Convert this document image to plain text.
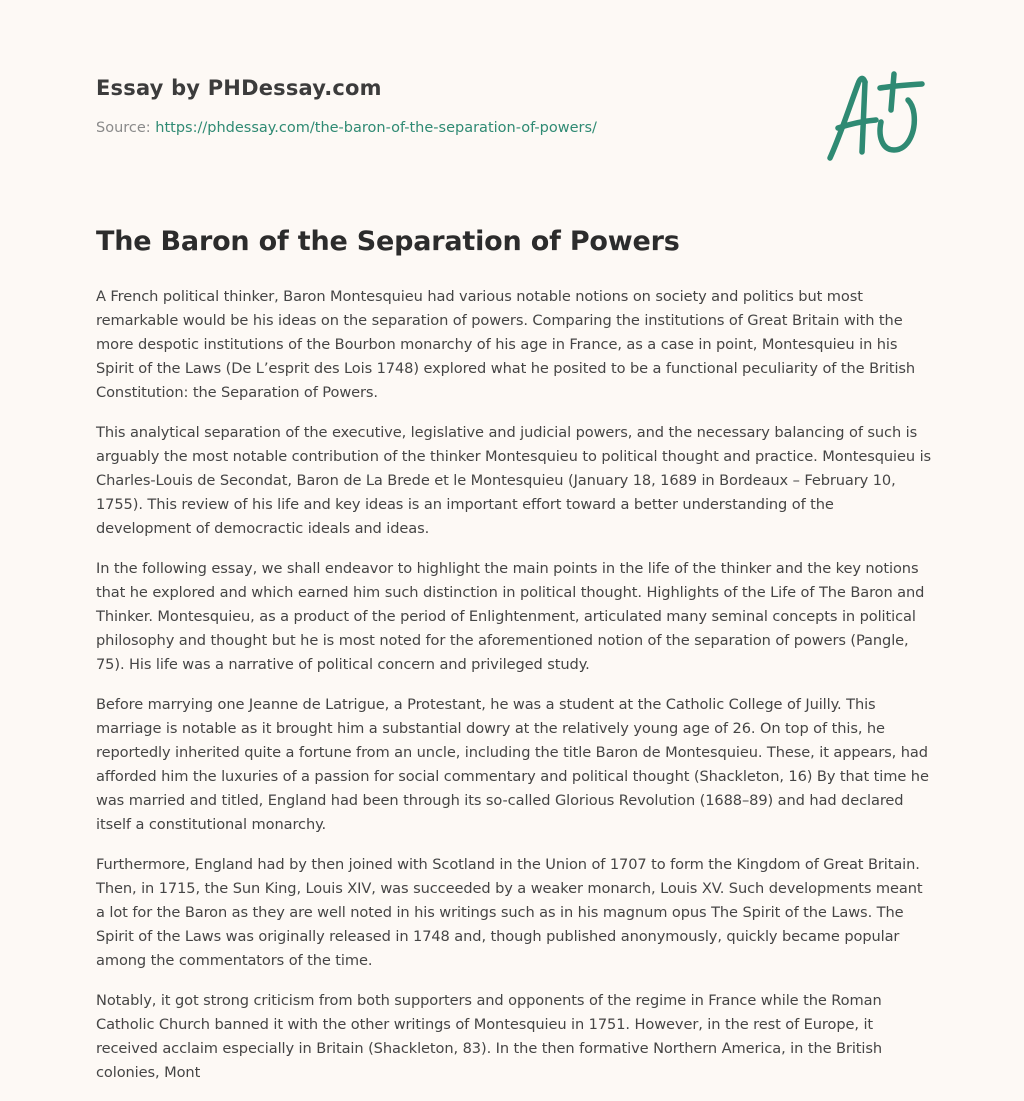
Essay by PHDessay.com
Source: https://phdessay.com/the-baron-of-the-separation-of-powers/
The Baron of the Separation of Powers

A French political thinker, Baron Montesquieu had various notable notions on society and politics but most remarkable would be his ideas on the separation of powers. Comparing the institutions of Great Britain with the more despotic institutions of the Bourbon monarchy of his age in France, as a case in point, Montesquieu in his Spirit of the Laws (De L’esprit des Lois 1748) explored what he posited to be a functional peculiarity of the British Constitution: the Separation of Powers.

This analytical separation of the executive, legislative and judicial powers, and the necessary balancing of such is arguably the most notable contribution of the thinker Montesquieu to political thought and practice. Montesquieu is Charles-Louis de Secondat, Baron de La Brede et le Montesquieu (January 18, 1689 in Bordeaux – February 10, 1755). This review of his life and key ideas is an important effort toward a better understanding of the development of democractic ideals and ideas.

In the following essay, we shall endeavor to highlight the main points in the life of the thinker and the key notions that he explored and which earned him such distinction in political thought. Highlights of the Life of The Baron and Thinker. Montesquieu, as a product of the period of Enlightenment, articulated many seminal concepts in political philosophy and thought but he is most noted for the aforementioned notion of the separation of powers (Pangle, 75). His life was a narrative of political concern and privileged study.

Before marrying one Jeanne de Latrigue, a Protestant, he was a student at the Catholic College of Juilly. This marriage is notable as it brought him a substantial dowry at the relatively young age of 26. On top of this, he reportedly inherited quite a fortune from an uncle, including the title Baron de Montesquieu. These, it appears, had afforded him the luxuries of a passion for social commentary and political thought (Shackleton, 16) By that time he was married and titled, England had been through its so-called Glorious Revolution (1688–89) and had declared itself a constitutional monarchy.

Furthermore, England had by then joined with Scotland in the Union of 1707 to form the Kingdom of Great Britain. Then, in 1715, the Sun King, Louis XIV, was succeeded by a weaker monarch, Louis XV. Such developments meant a lot for the Baron as they are well noted in his writings such as in his magnum opus The Spirit of the Laws. The Spirit of the Laws was originally released in 1748 and, though published anonymously, quickly became popular among the commentators of the time.

Notably, it got strong criticism from both supporters and opponents of the regime in France while the Roman Catholic Church banned it with the other writings of Montesquieu in 1751. However, in the rest of Europe, it received acclaim especially in Britain (Shackleton, 83). In the then formative Northern America, in the British colonies, Mont
